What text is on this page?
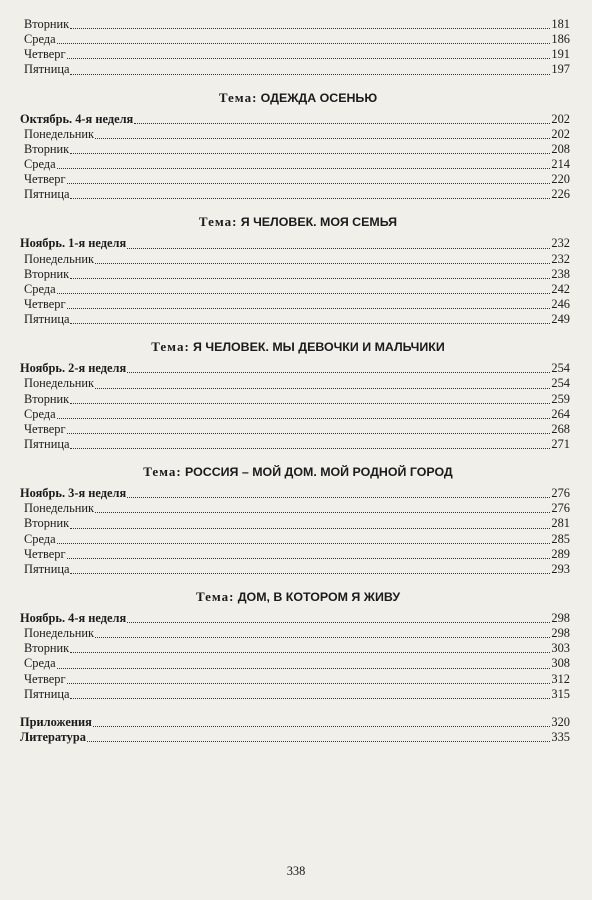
Вторник	181
Среда	186
Четверг	191
Пятница	197
Тема: ОДЕЖДА ОСЕНЬЮ
Октябрь. 4-я неделя	202
Понедельник	202
Вторник	208
Среда	214
Четверг	220
Пятница	226
Тема: Я ЧЕЛОВЕК. МОЯ СЕМЬЯ
Ноябрь. 1-я неделя	232
Понедельник	232
Вторник	238
Среда	242
Четверг	246
Пятница	249
Тема: Я ЧЕЛОВЕК. МЫ ДЕВОЧКИ И МАЛЬЧИКИ
Ноябрь. 2-я неделя	254
Понедельник	254
Вторник	259
Среда	264
Четверг	268
Пятница	271
Тема: РОССИЯ – МОЙ ДОМ. МОЙ РОДНОЙ ГОРОД
Ноябрь. 3-я неделя	276
Понедельник	276
Вторник	281
Среда	285
Четверг	289
Пятница	293
Тема: ДОМ, В КОТОРОМ Я ЖИВУ
Ноябрь. 4-я неделя	298
Понедельник	298
Вторник	303
Среда	308
Четверг	312
Пятница	315
Приложения	320
Литература	335
338
